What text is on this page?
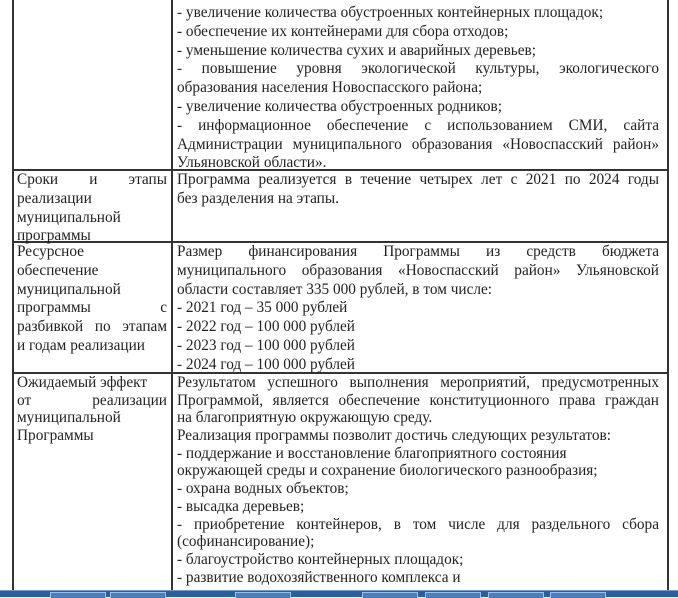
- увеличение количества обустроенных контейнерных площадок;
- обеспечение их контейнерами для сбора отходов;
- уменьшение количества сухих и аварийных деревьев;
- повышение уровня экологической культуры, экологического
образования населения Новоспасского района;
- увеличение количества обустроенных родников;
- информационное обеспечение с использованием СМИ, сайта
Администрации муниципального образования «Новоспасский район»
Ульяновской области».
Сроки и этапы
реализации
муниципальной
программы
Программа реализуется в течение четырех лет с 2021 по 2024 годы
без разделения на этапы.
Ресурсное
обеспечение
муниципальной
программы с
разбивкой по этапам
и годам реализации
Размер финансирования Программы из средств бюджета
муниципального образования «Новоспасский район» Ульяновской
области составляет 335 000 рублей, в том числе:
- 2021 год – 35 000 рублей
- 2022 год – 100 000 рублей
- 2023 год – 100 000 рублей
- 2024 год – 100 000 рублей
Ожидаемый эффект
от реализации
муниципальной
Программы
Результатом успешного выполнения мероприятий, предусмотренных
Программой, является обеспечение конституционного права граждан
на благоприятную окружающую среду.
Реализация программы позволит достичь следующих результатов:
- поддержание и восстановление благоприятного состояния
окружающей среды и сохранение биологического разнообразия;
- охрана водных объектов;
- высадка деревьев;
- приобретение контейнеров, в том числе для раздельного сбора
(софинансирование);
- благоустройство контейнерных площадок;
- развитие водохозяйственного комплекса и
